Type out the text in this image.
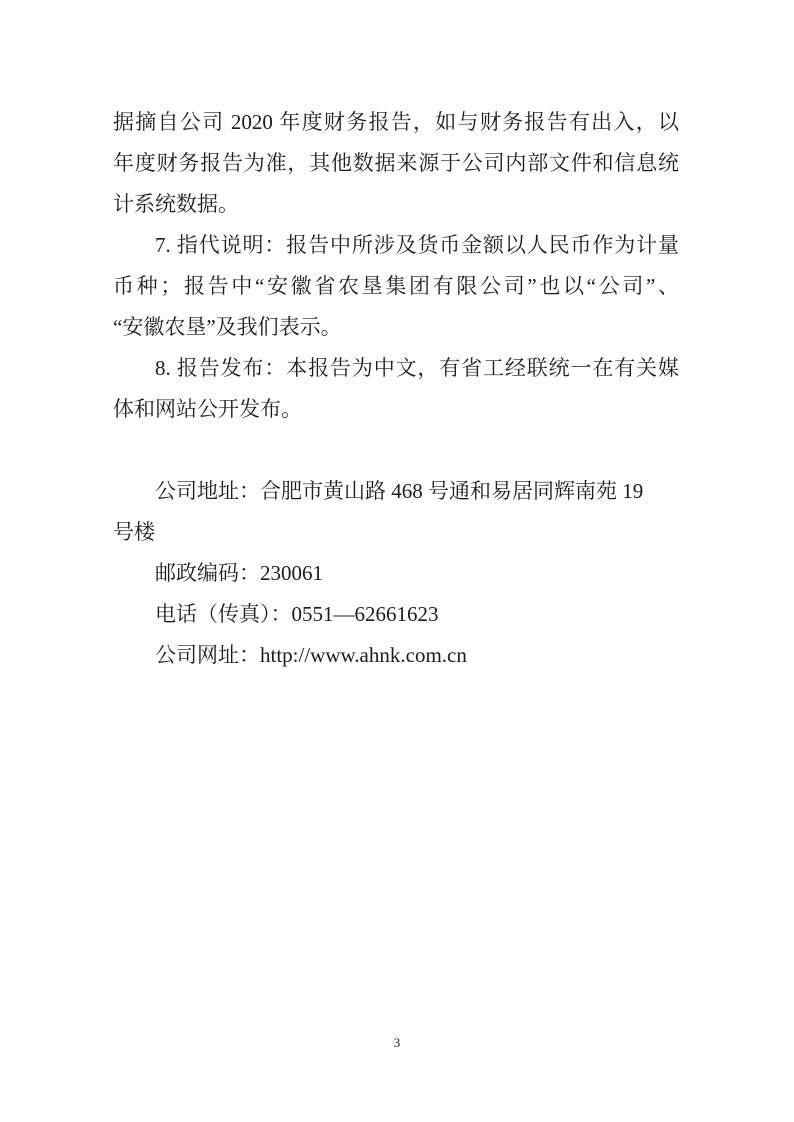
据摘自公司 2020 年度财务报告，如与财务报告有出入，以

年度财务报告为准，其他数据来源于公司内部文件和信息统

计系统数据。

7. 指代说明：报告中所涉及货币金额以人民币作为计量

币种；报告中“安徽省农垦集团有限公司”也以“公司”、

“安徽农垦”及我们表示。

8. 报告发布：本报告为中文，有省工经联统一在有关媒

体和网站公开发布。

公司地址：合肥市黄山路 468 号通和易居同辉南苑 19

号楼

邮政编码：230061

电话（传真）：0551—62661623

公司网址：http://www.ahnk.com.cn

3
